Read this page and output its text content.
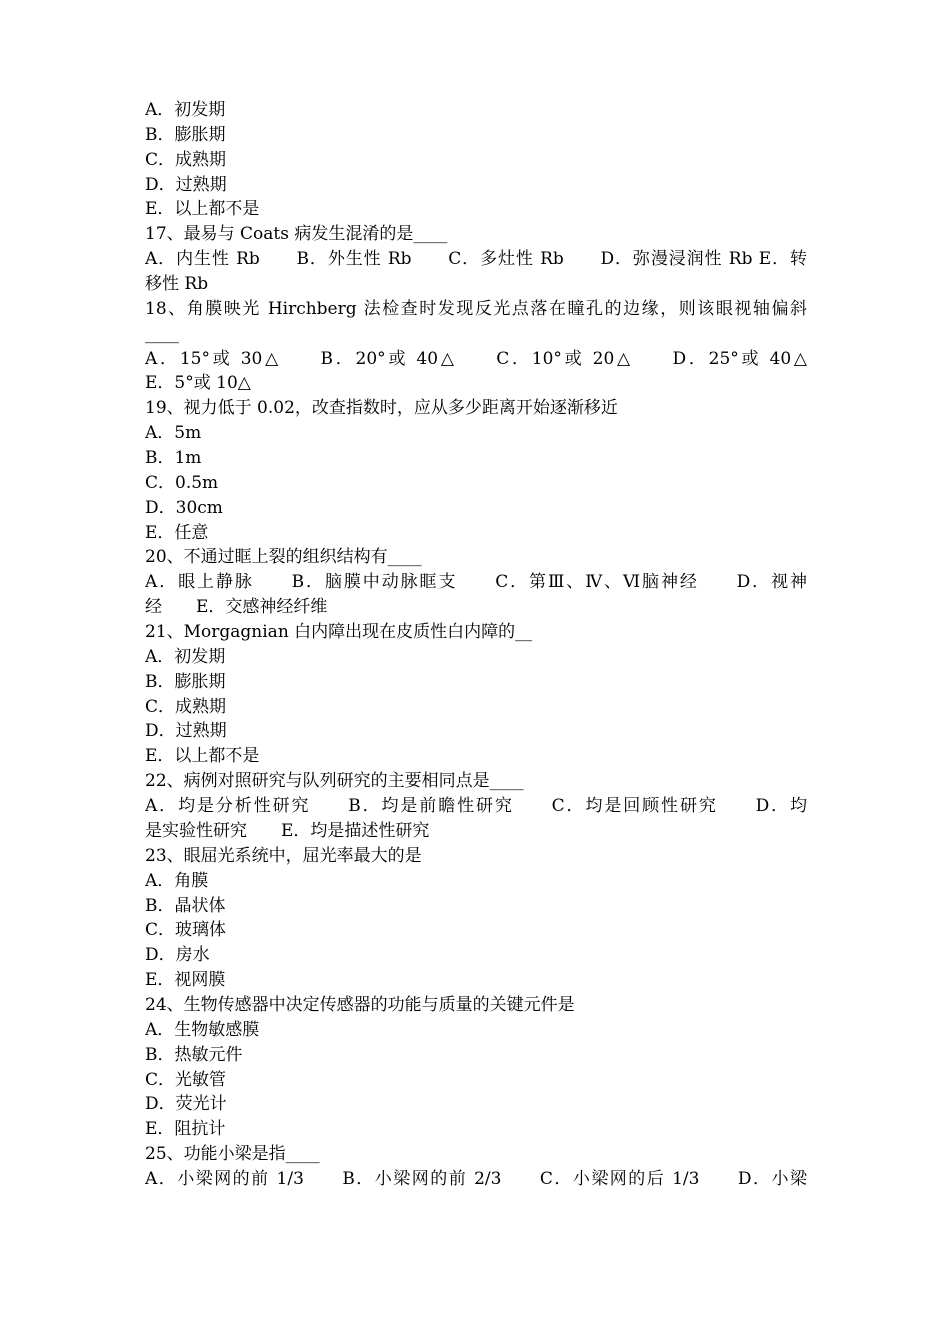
A．初发期
B．膨胀期
C．成熟期
D．过熟期
E．以上都不是
17、最易与 Coats 病发生混淆的是____
A．内生性 Rb　　B．外生性 Rb　　C．多灶性 Rb　　D．弥漫浸润性 Rb E．转
移性 Rb
18、角膜映光 Hirchberg 法检查时发现反光点落在瞳孔的边缘，则该眼视轴偏斜
____
A．15°或 30△　　B．20°或 40△　　C．10°或 20△　　D．25°或 40△
E．5°或 10△
19、视力低于 0.02，改查指数时，应从多少距离开始逐渐移近
A．5m
B．1m
C．0.5m
D．30cm
E．任意
20、不通过眶上裂的组织结构有____
A．眼上静脉　　B．脑膜中动脉眶支　　C．第Ⅲ、Ⅳ、Ⅵ脑神经　　D．视神
经　　E．交感神经纤维
21、Morgagnian 白内障出现在皮质性白内障的__
A．初发期
B．膨胀期
C．成熟期
D．过熟期
E．以上都不是
22、病例对照研究与队列研究的主要相同点是____
A．均是分析性研究　　B．均是前瞻性研究　　C．均是回顾性研究　　D．均
是实验性研究　　E．均是描述性研究
23、眼屈光系统中，屈光率最大的是
A．角膜
B．晶状体
C．玻璃体
D．房水
E．视网膜
24、生物传感器中决定传感器的功能与质量的关键元件是
A．生物敏感膜
B．热敏元件
C．光敏管
D．荧光计
E．阻抗计
25、功能小梁是指____
A．小梁网的前 1/3　　B．小梁网的前 2/3　　C．小梁网的后 1/3　　D．小梁
